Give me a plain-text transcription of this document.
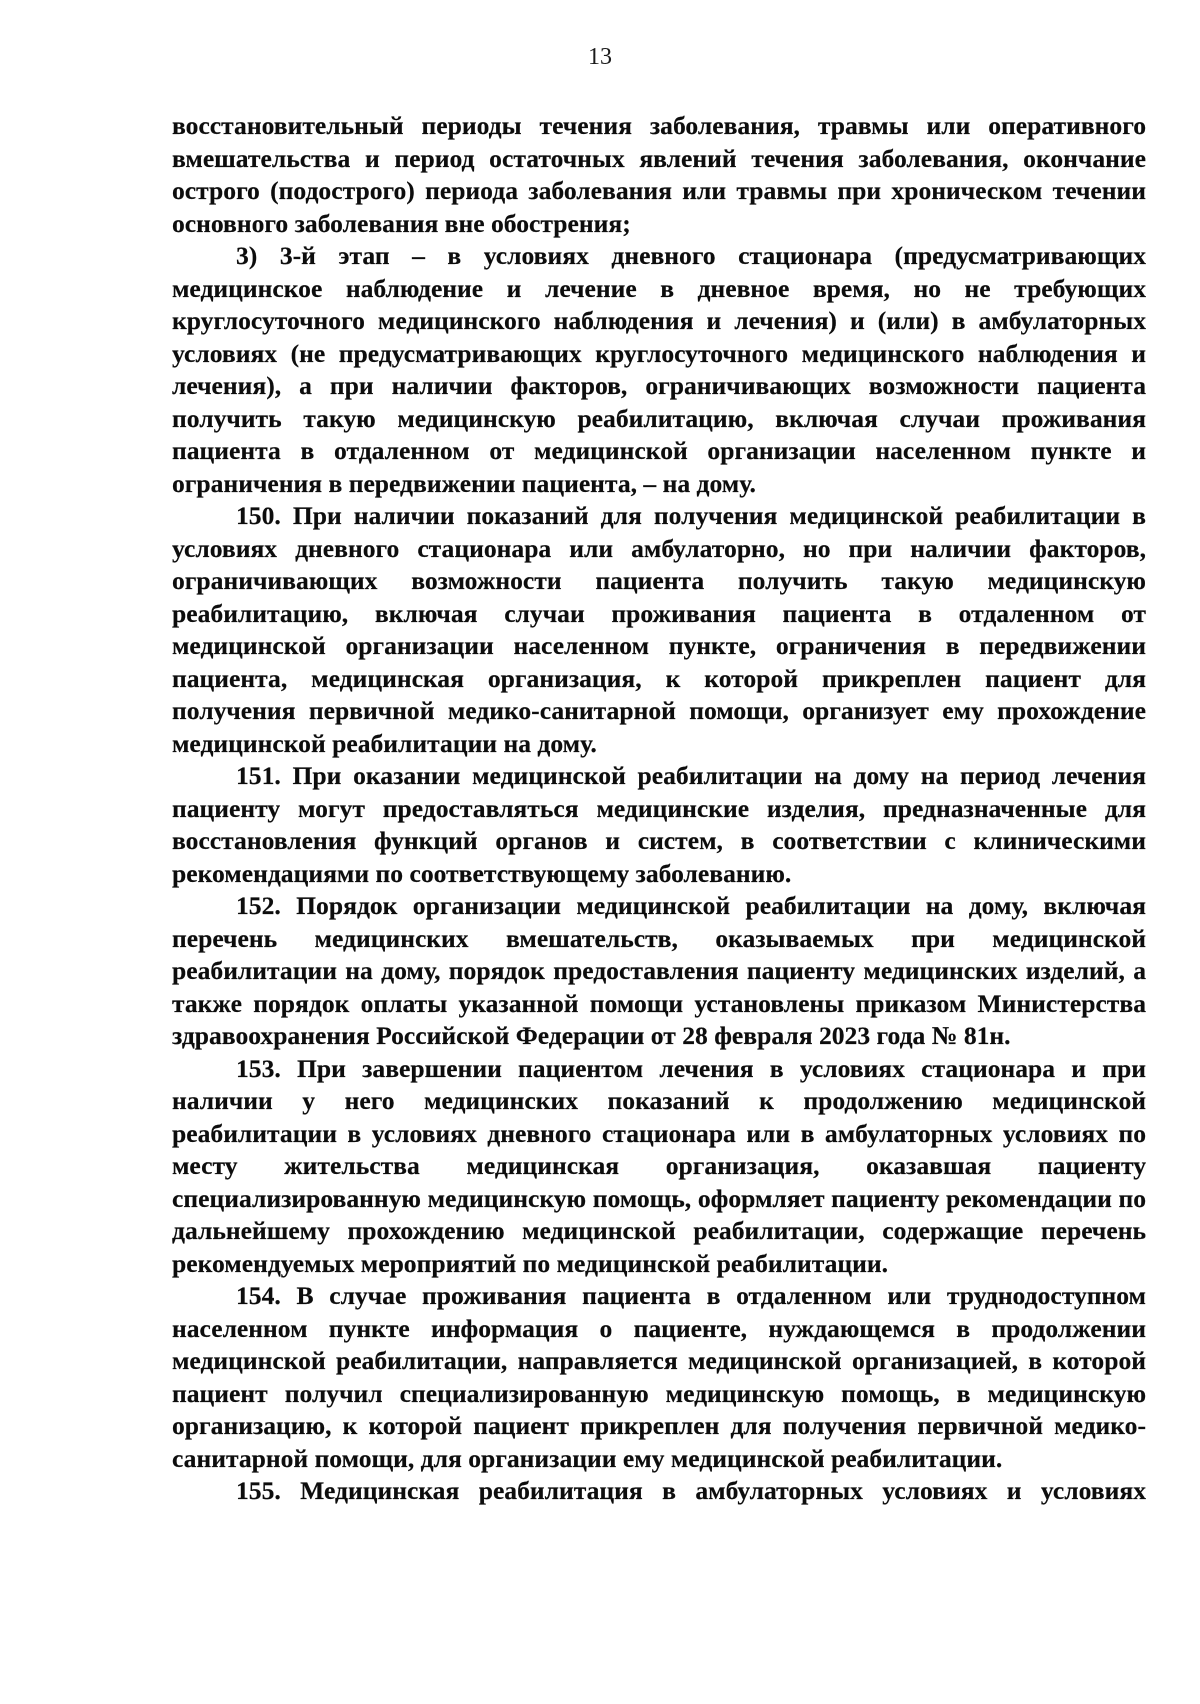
13

восстановительный периоды течения заболевания, травмы или оперативного вмешательства и период остаточных явлений течения заболевания, окончание острого (подострого) периода заболевания или травмы при хроническом течении основного заболевания вне обострения;

3) 3-й этап – в условиях дневного стационара (предусматривающих медицинское наблюдение и лечение в дневное время, но не требующих круглосуточного медицинского наблюдения и лечения) и (или) в амбулаторных условиях (не предусматривающих круглосуточного медицинского наблюдения и лечения), а при наличии факторов, ограничивающих возможности пациента получить такую медицинскую реабилитацию, включая случаи проживания пациента в отдаленном от медицинской организации населенном пункте и ограничения в передвижении пациента, – на дому.

150. При наличии показаний для получения медицинской реабилитации в условиях дневного стационара или амбулаторно, но при наличии факторов, ограничивающих возможности пациента получить такую медицинскую реабилитацию, включая случаи проживания пациента в отдаленном от медицинской организации населенном пункте, ограничения в передвижении пациента, медицинская организация, к которой прикреплен пациент для получения первичной медико-санитарной помощи, организует ему прохождение медицинской реабилитации на дому.

151. При оказании медицинской реабилитации на дому на период лечения пациенту могут предоставляться медицинские изделия, предназначенные для восстановления функций органов и систем, в соответствии с клиническими рекомендациями по соответствующему заболеванию.

152. Порядок организации медицинской реабилитации на дому, включая перечень медицинских вмешательств, оказываемых при медицинской реабилитации на дому, порядок предоставления пациенту медицинских изделий, а также порядок оплаты указанной помощи установлены приказом Министерства здравоохранения Российской Федерации от 28 февраля 2023 года № 81н.

153. При завершении пациентом лечения в условиях стационара и при наличии у него медицинских показаний к продолжению медицинской реабилитации в условиях дневного стационара или в амбулаторных условиях по месту жительства медицинская организация, оказавшая пациенту специализированную медицинскую помощь, оформляет пациенту рекомендации по дальнейшему прохождению медицинской реабилитации, содержащие перечень рекомендуемых мероприятий по медицинской реабилитации.

154. В случае проживания пациента в отдаленном или труднодоступном населенном пункте информация о пациенте, нуждающемся в продолжении медицинской реабилитации, направляется медицинской организацией, в которой пациент получил специализированную медицинскую помощь, в медицинскую организацию, к которой пациент прикреплен для получения первичной медико-санитарной помощи, для организации ему медицинской реабилитации.

155. Медицинская реабилитация в амбулаторных условиях и условиях
